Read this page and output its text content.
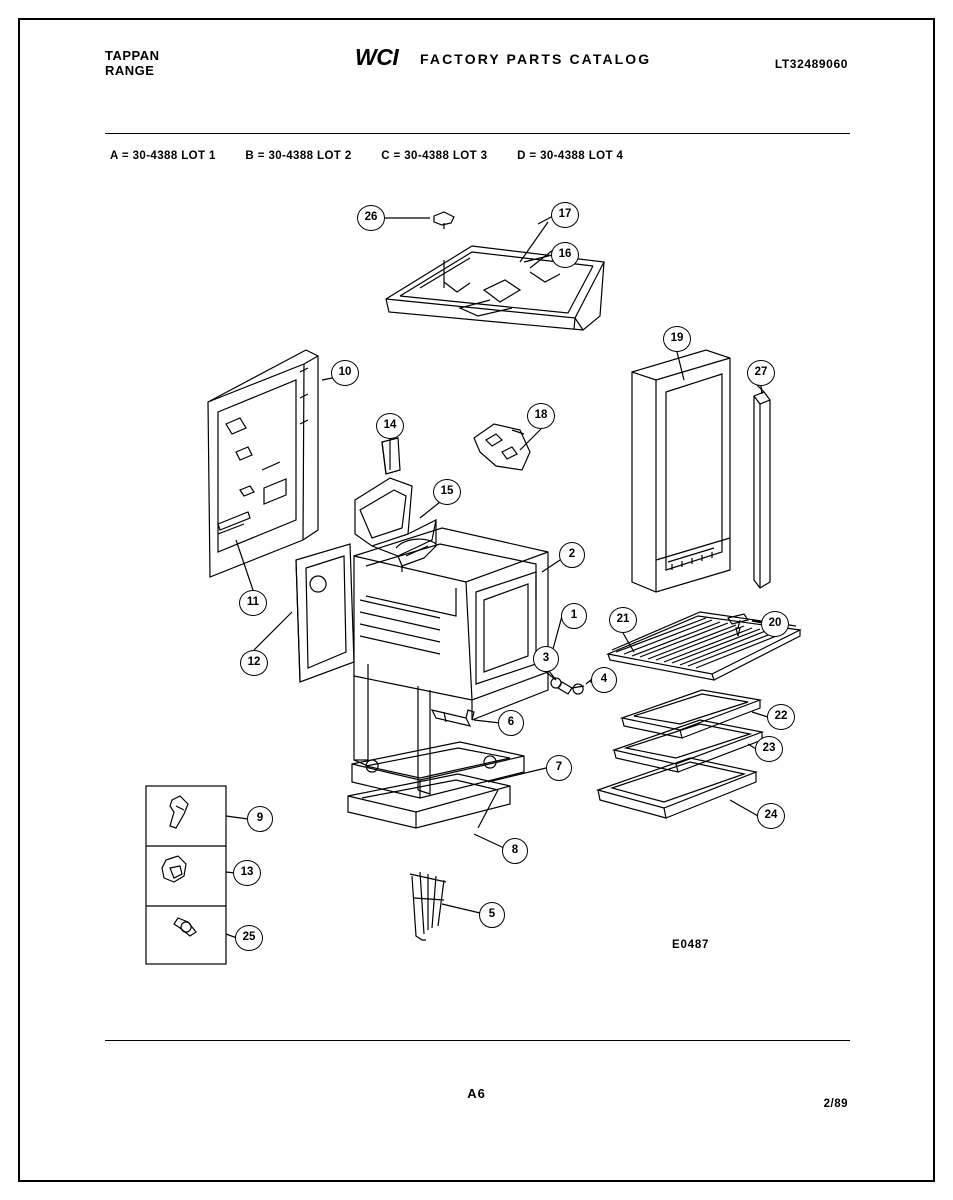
TAPPAN
RANGE
WCI FACTORY PARTS CATALOG	LT32489060
A = 30-4388 LOT 1	B = 30-4388 LOT 2	C = 30-4388 LOT 3	D = 30-4388 LOT 4
1
2
3
4
5
6
7
8
9
10
11
12
13
14
15
16
17
18
19
20
21
22
23
24
25
26
27
E0487
A6
2/89
